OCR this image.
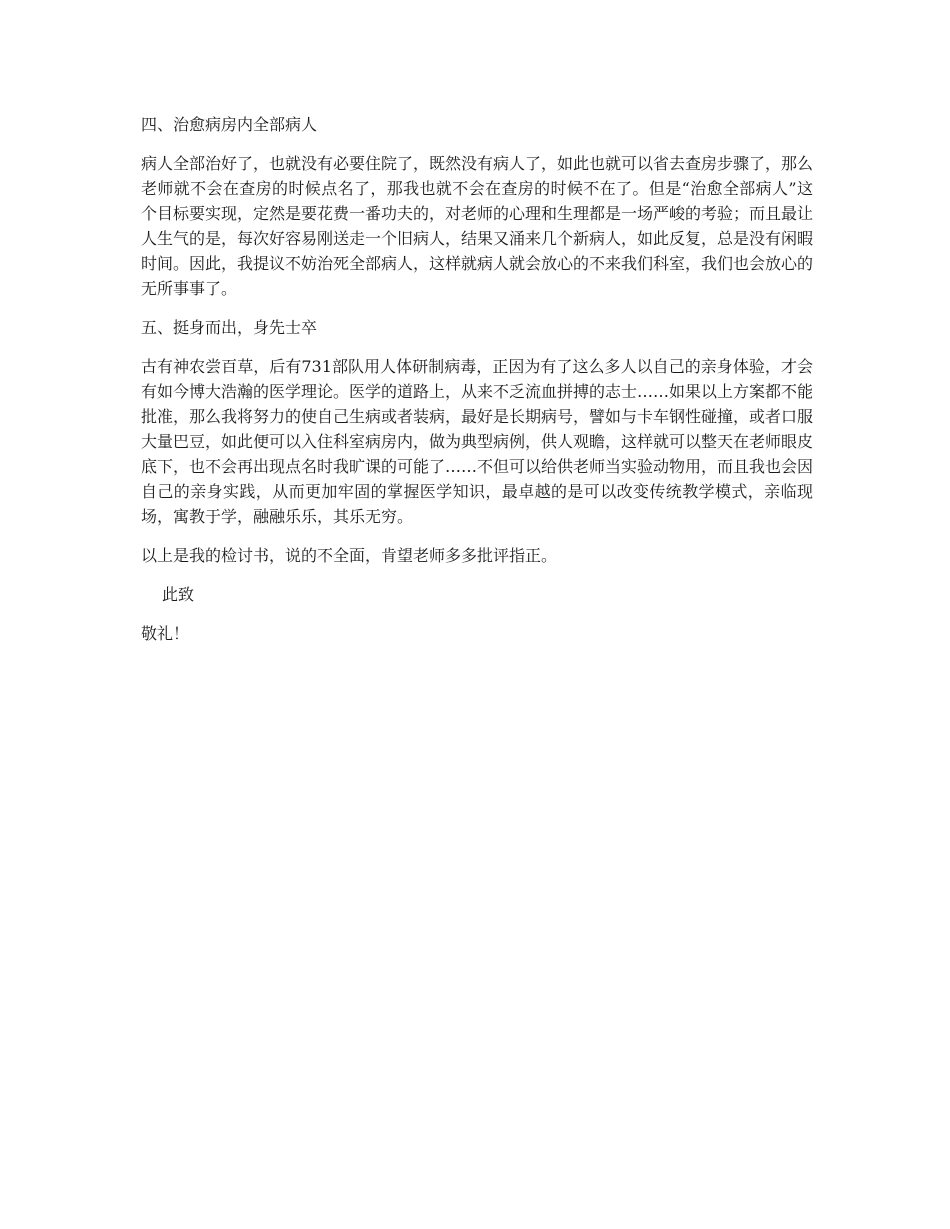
四、治愈病房内全部病人

病人全部治好了，也就没有必要住院了，既然没有病人了，如此也就可以省去查房步骤了，那么老师就不会在查房的时候点名了，那我也就不会在查房的时候不在了。但是“治愈全部病人”这个目标要实现，定然是要花费一番功夫的，对老师的心理和生理都是一场严峻的考验；而且最让人生气的是，每次好容易刚送走一个旧病人，结果又涌来几个新病人，如此反复，总是没有闲暇时间。因此，我提议不妨治死全部病人，这样就病人就会放心的不来我们科室，我们也会放心的无所事事了。

五、挺身而出，身先士卒

古有神农尝百草，后有731部队用人体研制病毒，正因为有了这么多人以自己的亲身体验，才会有如今博大浩瀚的医学理论。医学的道路上，从来不乏流血拼搏的志士……如果以上方案都不能批准，那么我将努力的使自己生病或者装病，最好是长期病号，譬如与卡车钢性碰撞，或者口服大量巴豆，如此便可以入住科室病房内，做为典型病例，供人观瞻，这样就可以整天在老师眼皮底下，也不会再出现点名时我旷课的可能了……不但可以给供老师当实验动物用，而且我也会因自己的亲身实践，从而更加牢固的掌握医学知识，最卓越的是可以改变传统教学模式，亲临现场，寓教于学，融融乐乐，其乐无穷。

以上是我的检讨书，说的不全面，肯望老师多多批评指正。

此致

敬礼！
